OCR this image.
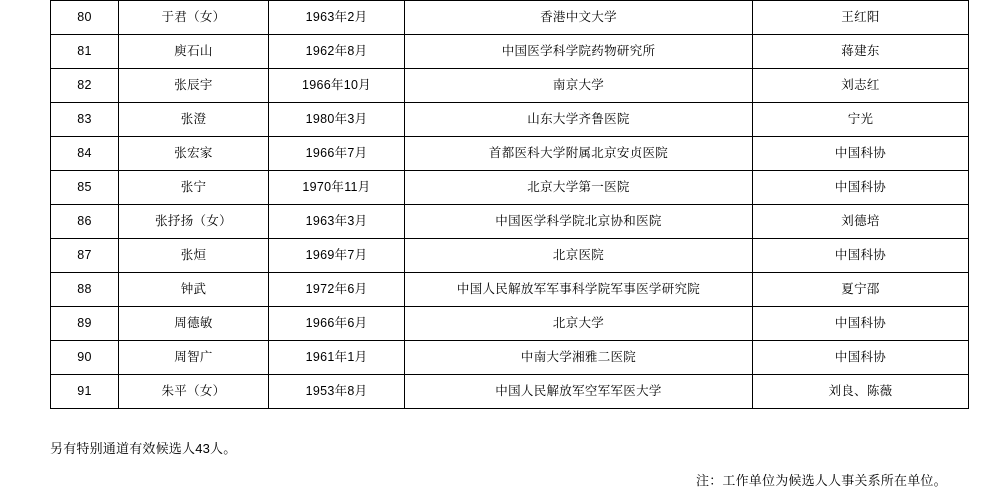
80	于君（女）	1963年2月	香港中文大学	王红阳
81	庾石山	1962年8月	中国医学科学院药物研究所	蒋建东
82	张辰宇	1966年10月	南京大学	刘志红
83	张澄	1980年3月	山东大学齐鲁医院	宁光
84	张宏家	1966年7月	首都医科大学附属北京安贞医院	中国科协
85	张宁	1970年11月	北京大学第一医院	中国科协
86	张抒扬（女）	1963年3月	中国医学科学院北京协和医院	刘德培
87	张烜	1969年7月	北京医院	中国科协
88	钟武	1972年6月	中国人民解放军军事科学院军事医学研究院	夏宁邵
89	周德敏	1966年6月	北京大学	中国科协
90	周智广	1961年1月	中南大学湘雅二医院	中国科协
91	朱平（女）	1953年8月	中国人民解放军空军军医大学	刘良、陈薇
另有特别通道有效候选人43人。
注：工作单位为候选人人事关系所在单位。
